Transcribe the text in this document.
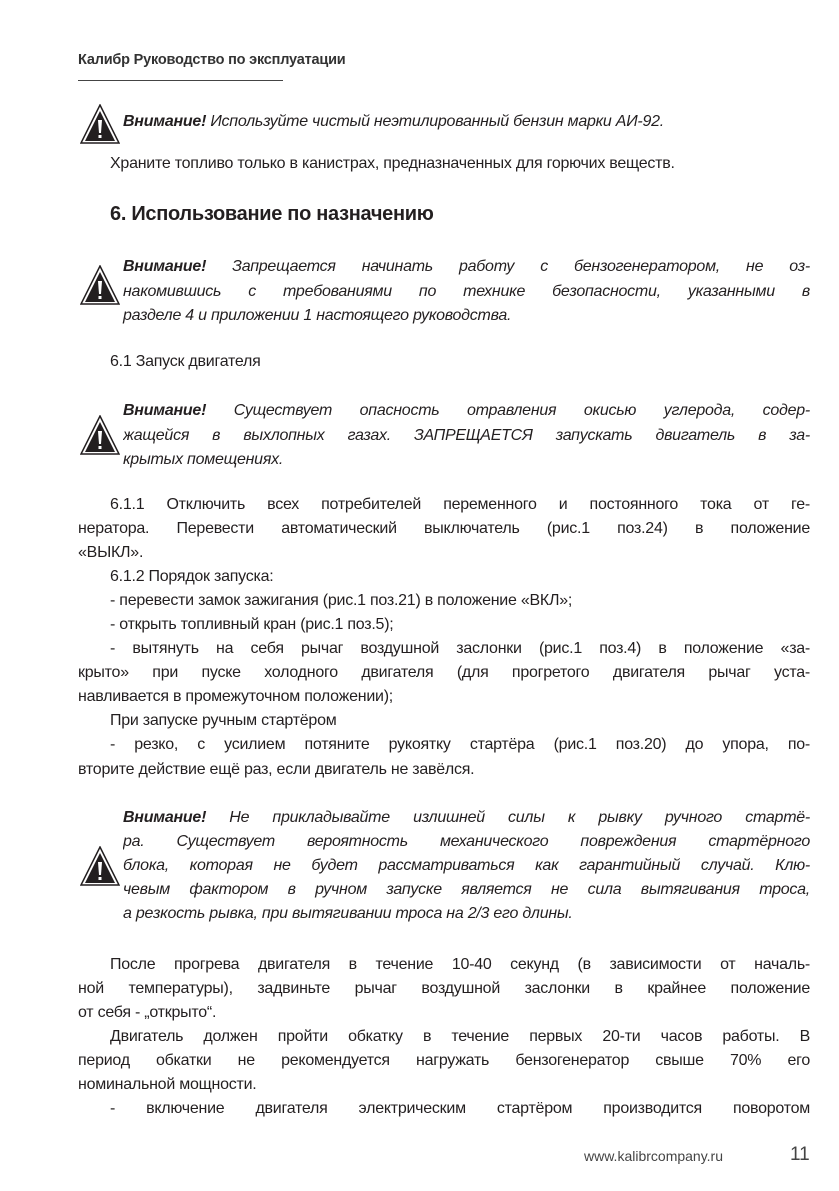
Калибр Руководство по эксплуатации
Внимание! Используйте чистый неэтилированный бензин марки АИ-92.
Храните топливо только в канистрах, предназначенных для горючих веществ.
6. Использование по назначению
Внимание! Запрещается начинать работу с бензогенератором, не оз-
накомившись с требованиями по технике безопасности, указанными в
разделе 4 и приложении 1 настоящего руководства.
6.1 Запуск двигателя
Внимание! Существует опасность отравления окисью углерода, содер-
жащейся в выхлопных газах. ЗАПРЕЩАЕТСЯ запускать двигатель в за-
крытых помещениях.
6.1.1 Отключить всех потребителей переменного и постоянного тока от ге-
нератора. Перевести автоматический выключатель (рис.1 поз.24) в положение
«ВЫКЛ».
6.1.2 Порядок запуска:
- перевести замок зажигания (рис.1 поз.21) в положение «ВКЛ»;
- открыть топливный кран (рис.1 поз.5);
- вытянуть на себя рычаг воздушной заслонки (рис.1 поз.4) в положение «за-
крыто» при пуске холодного двигателя (для прогретого двигателя рычаг уста-
навливается в промежуточном положении);
При запуске ручным стартёром
- резко, с усилием потяните рукоятку стартёра (рис.1 поз.20) до упора, по-
вторите действие ещё раз, если двигатель не завёлся.
Внимание! Не прикладывайте излишней силы к рывку ручного стартё-
ра. Существует вероятность механического повреждения стартёрного
блока, которая не будет рассматриваться как гарантийный случай. Клю-
чевым фактором в ручном запуске является не сила вытягивания троса,
а резкость рывка, при вытягивании троса на 2/3 его длины.
После прогрева двигателя в течение 10-40 секунд (в зависимости от началь-
ной температуры), задвиньте рычаг воздушной заслонки в крайнее положение
от себя - „открыто“.
Двигатель должен пройти обкатку в течение первых 20-ти часов работы. В
период обкатки не рекомендуется нагружать бензогенератор свыше 70% его
номинальной мощности.
- включение двигателя электрическим стартёром производится поворотом
www.kalibrcompany.ru	11
